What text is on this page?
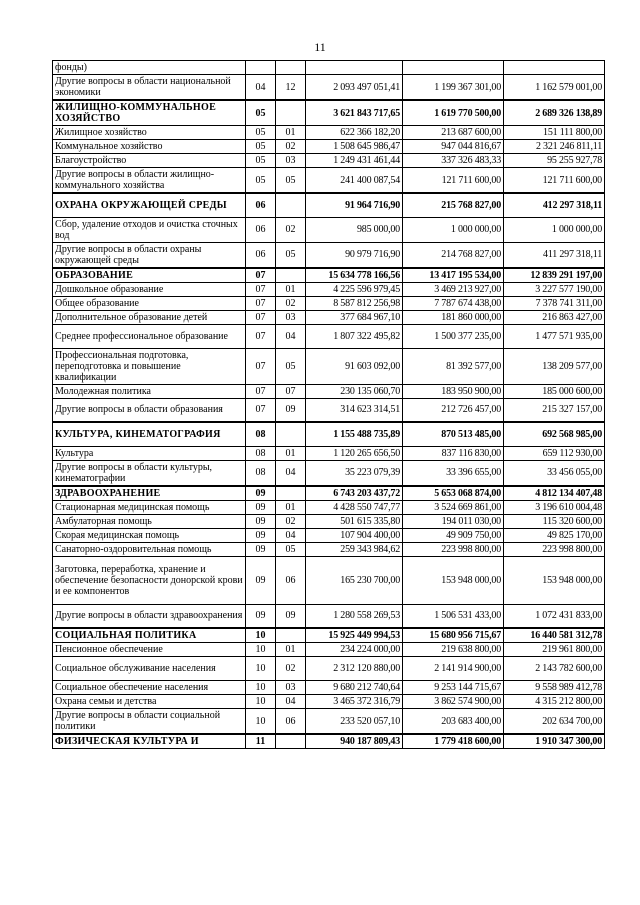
11
фонды)					
Другие вопросы в области национальной экономики	04	12	2 093 497 051,41	1 199 367 301,00	1 162 579 001,00
ЖИЛИЩНО-КОММУНАЛЬНОЕ ХОЗЯЙСТВО	05		3 621 843 717,65	1 619 770 500,00	2 689 326 138,89
Жилищное хозяйство	05	01	622 366 182,20	213 687 600,00	151 111 800,00
Коммунальное хозяйство	05	02	1 508 645 986,47	947 044 816,67	2 321 246 811,11
Благоустройство	05	03	1 249 431 461,44	337 326 483,33	95 255 927,78
Другие вопросы в области жилищно-коммунального хозяйства	05	05	241 400 087,54	121 711 600,00	121 711 600,00
ОХРАНА ОКРУЖАЮЩЕЙ СРЕДЫ	06		91 964 716,90	215 768 827,00	412 297 318,11
Сбор, удаление отходов и очистка сточных вод	06	02	985 000,00	1 000 000,00	1 000 000,00
Другие вопросы в области охраны окружающей среды	06	05	90 979 716,90	214 768 827,00	411 297 318,11
ОБРАЗОВАНИЕ	07		15 634 778 166,56	13 417 195 534,00	12 839 291 197,00
Дошкольное образование	07	01	4 225 596 979,45	3 469 213 927,00	3 227 577 190,00
Общее образование	07	02	8 587 812 256,98	7 787 674 438,00	7 378 741 311,00
Дополнительное образование детей	07	03	377 684 967,10	181 860 000,00	216 863 427,00
Среднее профессиональное образование	07	04	1 807 322 495,82	1 500 377 235,00	1 477 571 935,00
Профессиональная подготовка, переподготовка и повышение квалификации	07	05	91 603 092,00	81 392 577,00	138 209 577,00
Молодежная политика	07	07	230 135 060,70	183 950 900,00	185 000 600,00
Другие вопросы в области образования	07	09	314 623 314,51	212 726 457,00	215 327 157,00
КУЛЬТУРА, КИНЕМАТОГРАФИЯ	08		1 155 488 735,89	870 513 485,00	692 568 985,00
Культура	08	01	1 120 265 656,50	837 116 830,00	659 112 930,00
Другие вопросы в области культуры, кинематографии	08	04	35 223 079,39	33 396 655,00	33 456 055,00
ЗДРАВООХРАНЕНИЕ	09		6 743 203 437,72	5 653 068 874,00	4 812 134 407,48
Стационарная медицинская помощь	09	01	4 428 550 747,77	3 524 669 861,00	3 196 610 004,48
Амбулаторная помощь	09	02	501 615 335,80	194 011 030,00	115 320 600,00
Скорая медицинская помощь	09	04	107 904 400,00	49 909 750,00	49 825 170,00
Санаторно-оздоровительная помощь	09	05	259 343 984,62	223 998 800,00	223 998 800,00
Заготовка, переработка, хранение и обеспечение безопасности донорской крови и ее компонентов	09	06	165 230 700,00	153 948 000,00	153 948 000,00
Другие вопросы в области здравоохранения	09	09	1 280 558 269,53	1 506 531 433,00	1 072 431 833,00
СОЦИАЛЬНАЯ ПОЛИТИКА	10		15 925 449 994,53	15 680 956 715,67	16 440 581 312,78
Пенсионное обеспечение	10	01	234 224 000,00	219 638 800,00	219 961 800,00
Социальное обслуживание населения	10	02	2 312 120 880,00	2 141 914 900,00	2 143 782 600,00
Социальное обеспечение населения	10	03	9 680 212 740,64	9 253 144 715,67	9 558 989 412,78
Охрана семьи и детства	10	04	3 465 372 316,79	3 862 574 900,00	4 315 212 800,00
Другие вопросы в области социальной политики	10	06	233 520 057,10	203 683 400,00	202 634 700,00
ФИЗИЧЕСКАЯ КУЛЬТУРА И	11		940 187 809,43	1 779 418 600,00	1 910 347 300,00
